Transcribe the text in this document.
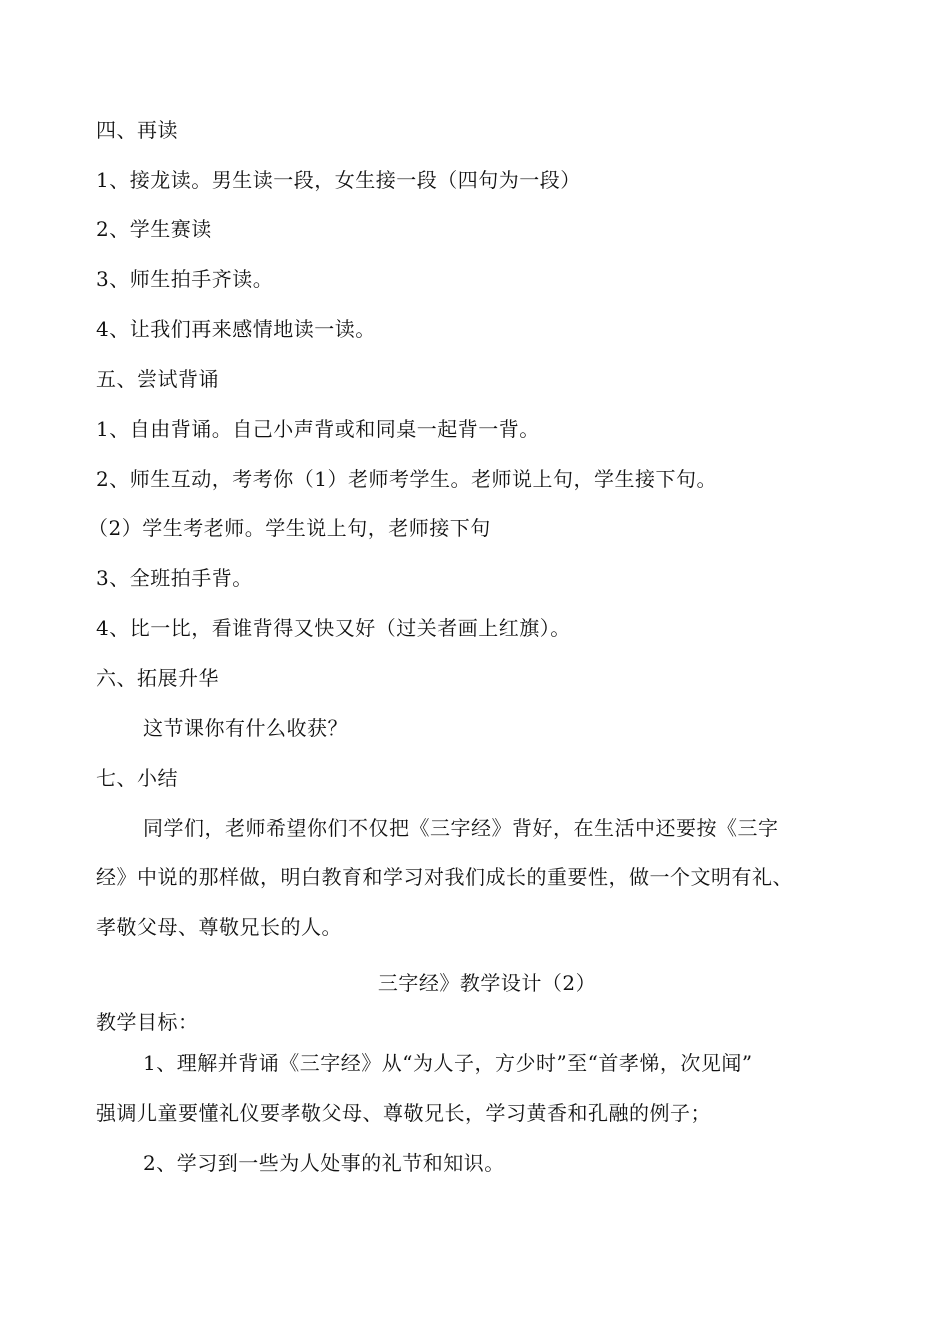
四、再读
1、接龙读。男生读一段，女生接一段（四句为一段）
2、学生赛读
3、师生拍手齐读。
4、让我们再来感情地读一读。
五、尝试背诵
1、自由背诵。自己小声背或和同桌一起背一背。
2、师生互动，考考你（1）老师考学生。老师说上句，学生接下句。
（2）学生考老师。学生说上句，老师接下句
3、全班拍手背。
4、比一比，看谁背得又快又好（过关者画上红旗）。
六、拓展升华
这节课你有什么收获？
七、小结
同学们，老师希望你们不仅把《三字经》背好，在生活中还要按《三字
经》中说的那样做，明白教育和学习对我们成长的重要性，做一个文明有礼、
孝敬父母、尊敬兄长的人。
三字经》教学设计（2）
教学目标：
1、理解并背诵《三字经》从“为人子，方少时”至“首孝悌，次见闻”
强调儿童要懂礼仪要孝敬父母、尊敬兄长，学习黄香和孔融的例子；
2、学习到一些为人处事的礼节和知识。
